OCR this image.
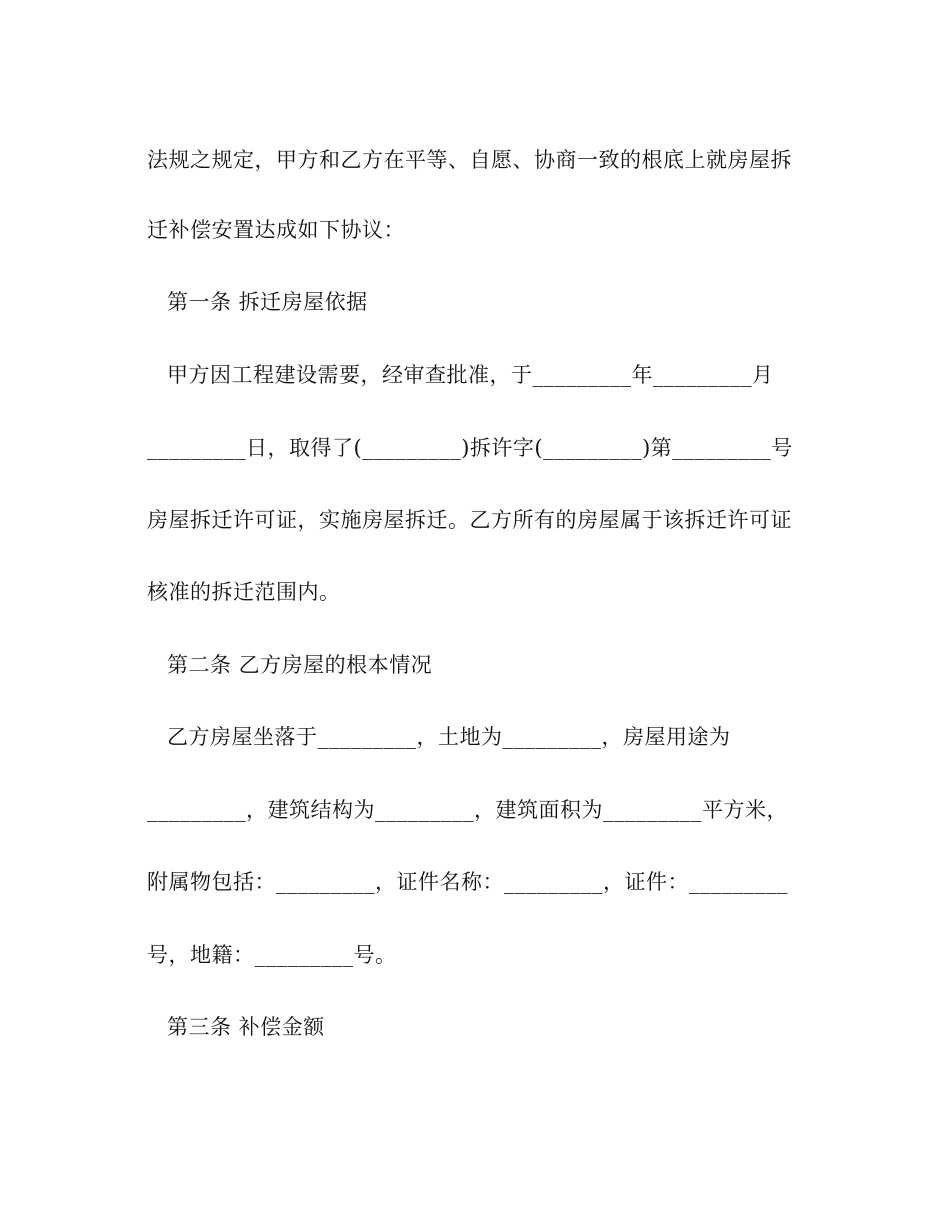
法规之规定，甲方和乙方在平等、自愿、协商一致的根底上就房屋拆
迁补偿安置达成如下协议：
第一条 拆迁房屋依据
甲方因工程建设需要，经审查批准，于_________年_________月
_________日，取得了(_________)拆许字(_________)第_________号
房屋拆迁许可证，实施房屋拆迁。乙方所有的房屋属于该拆迁许可证
核准的拆迁范围内。
第二条 乙方房屋的根本情况
乙方房屋坐落于_________，土地为_________，房屋用途为
_________，建筑结构为_________，建筑面积为_________平方米，
附属物包括：_________，证件名称：_________，证件：_________
号，地籍：_________号。
第三条 补偿金额
